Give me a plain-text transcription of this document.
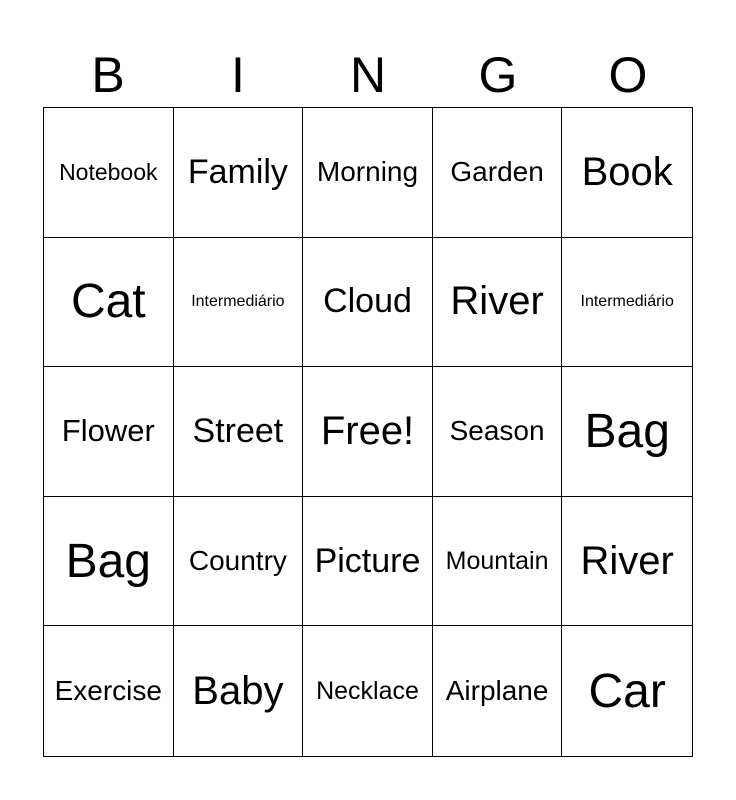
B	I	N	G	O
Notebook Family Morning Garden Book
Cat	Intermediário Cloud River Intermediário
Flower Street Free! Season Bag
Bag Country Picture Mountain River
Exercise Baby Necklace Airplane Car
